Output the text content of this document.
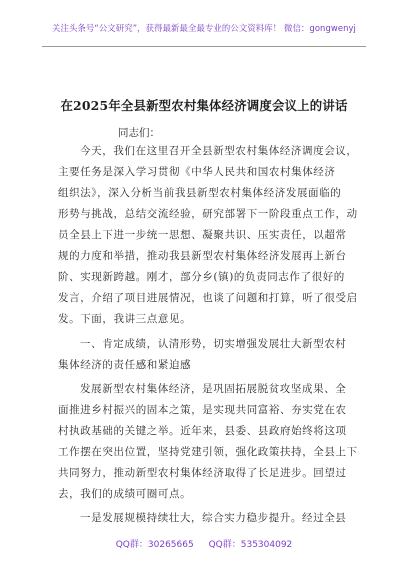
关注头条号“公文研究”，获得最新最全最专业的公文资料库！ 微信：gongwenyj
在2025年全县新型农村集体经济调度会议上的讲话
同志们：
今天，我们在这里召开全县新型农村集体经济调度会议，
主要任务是深入学习贯彻《中华人民共和国农村集体经济
组织法》，深入分析当前我县新型农村集体经济发展面临的
形势与挑战，总结交流经验，研究部署下一阶段重点工作，动
员全县上下进一步统一思想、凝聚共识、压实责任，以超常
规的力度和举措，推动我县新型农村集体经济发展再上新台
阶、实现新跨越。刚才，部分乡(镇)的负责同志作了很好的
发言，介绍了项目进展情况，也谈了问题和打算，听了很受启
发。下面，我讲三点意见。
一、肯定成绩，认清形势，切实增强发展壮大新型农村
集体经济的责任感和紧迫感
发展新型农村集体经济，是巩固拓展脱贫攻坚成果、全
面推进乡村振兴的固本之策，是实现共同富裕、夯实党在农
村执政基础的关键之举。近年来，县委、县政府始终将这项
工作摆在突出位置，坚持党建引领，强化政策扶持，全县上下
共同努力，推动新型农村集体经济取得了长足进步。回望过
去，我们的成绩可圈可点。
一是发展规模持续壮大，综合实力稳步提升。经过全县
QQ群：30265665 QQ群：535304092
